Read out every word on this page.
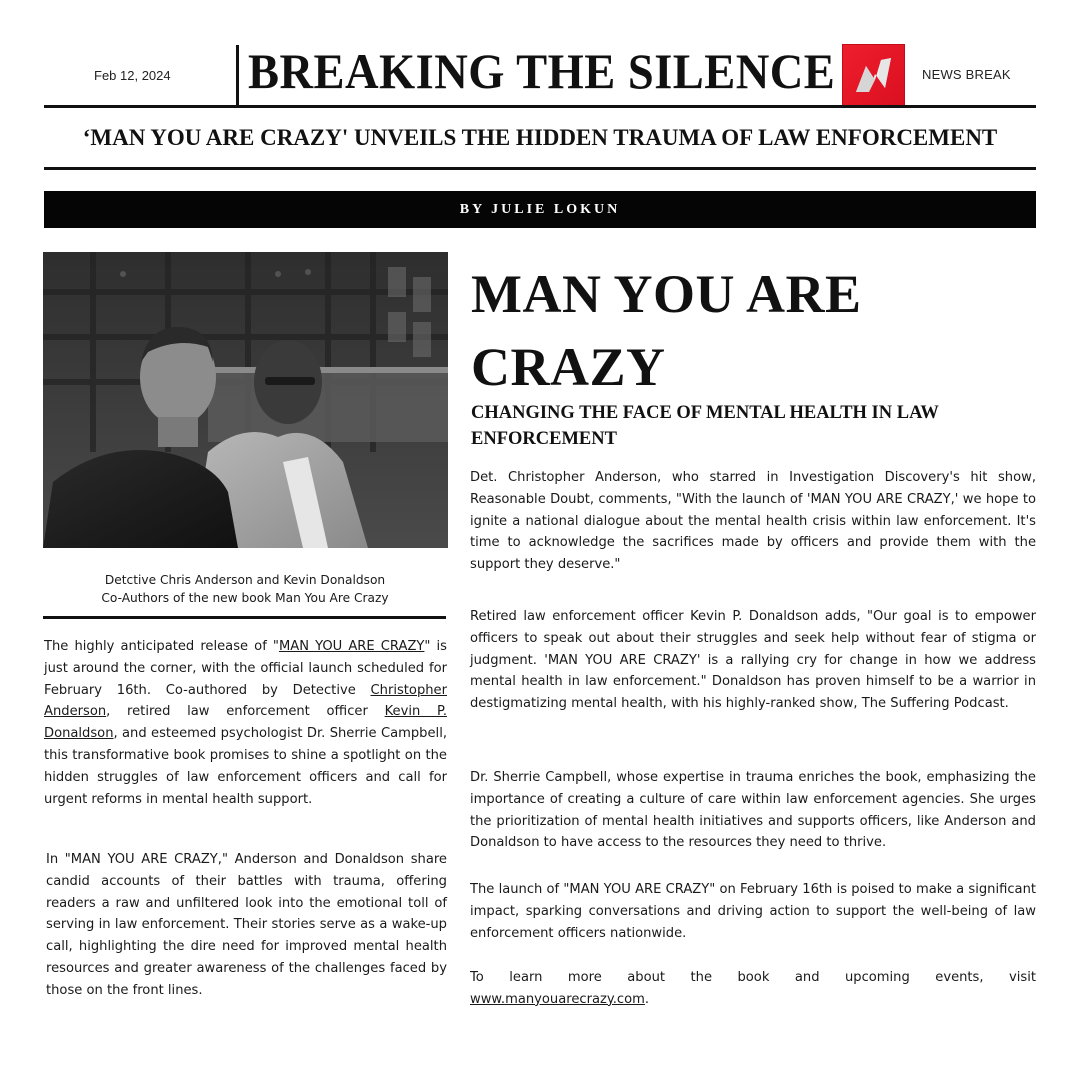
Feb 12, 2024 BREAKING THE SILENCE	NEWS BREAK
‘MAN YOU ARE CRAZY' UNVEILS THE HIDDEN TRAUMA OF LAW ENFORCEMENT
BY JULIE LOKUN
Detctive Chris Anderson and Kevin Donaldson
Co-Authors of the new book Man You Are Crazy

The highly anticipated release of "MAN YOU ARE CRAZY" is just around the corner, with the official launch scheduled for February 16th. Co-authored by Detective Christopher Anderson, retired law enforcement officer Kevin P. Donaldson, and esteemed psychologist Dr. Sherrie Campbell, this transformative book promises to shine a spotlight on the hidden struggles of law enforcement officers and call for urgent reforms in mental health support.

In "MAN YOU ARE CRAZY," Anderson and Donaldson share candid accounts of their battles with trauma, offering readers a raw and unfiltered look into the emotional toll of serving in law enforcement. Their stories serve as a wake-up call, highlighting the dire need for improved mental health resources and greater awareness of the challenges faced by those on the front lines.

MAN YOU ARE CRAZY
CHANGING THE FACE OF MENTAL HEALTH IN LAW ENFORCEMENT

Det. Christopher Anderson, who starred in Investigation Discovery's hit show, Reasonable Doubt, comments, "With the launch of 'MAN YOU ARE CRAZY,' we hope to ignite a national dialogue about the mental health crisis within law enforcement. It's time to acknowledge the sacrifices made by officers and provide them with the support they deserve."

Retired law enforcement officer Kevin P. Donaldson adds, "Our goal is to empower officers to speak out about their struggles and seek help without fear of stigma or judgment. 'MAN YOU ARE CRAZY' is a rallying cry for change in how we address mental health in law enforcement." Donaldson has proven himself to be a warrior in destigmatizing mental health, with his highly-ranked show, The Suffering Podcast.

Dr. Sherrie Campbell, whose expertise in trauma enriches the book, emphasizing the importance of creating a culture of care within law enforcement agencies. She urges the prioritization of mental health initiatives and supports officers, like Anderson and Donaldson to have access to the resources they need to thrive.

The launch of "MAN YOU ARE CRAZY" on February 16th is poised to make a significant impact, sparking conversations and driving action to support the well-being of law enforcement officers nationwide.

To learn more about the book and upcoming events, visit
www.manyouarecrazy.com.
